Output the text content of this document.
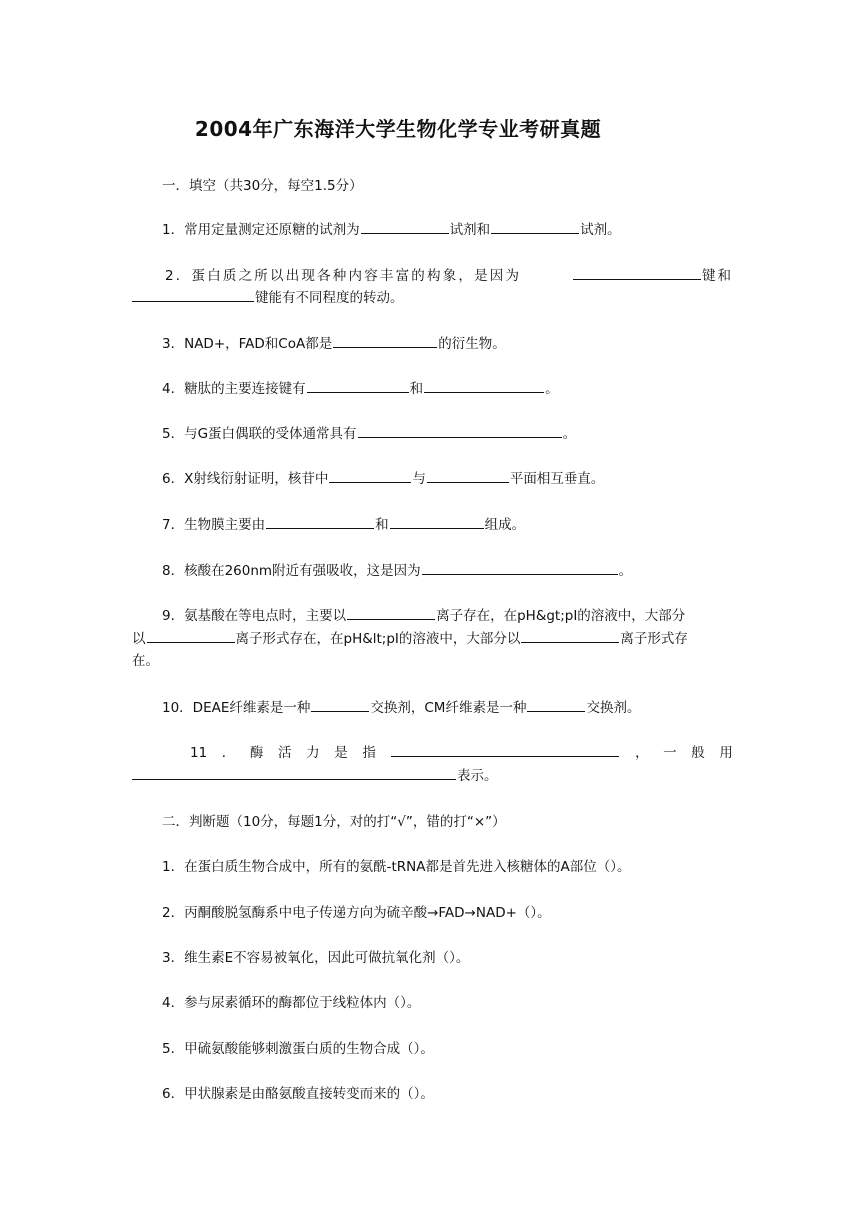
2004年广东海洋大学生物化学专业考研真题
一．填空（共30分，每空1.5分）
1．常用定量测定还原糖的试剂为	试剂和	试剂。
2．蛋白质之所以出现各种内容丰富的构象，是因为	键和
键能有不同程度的转动。
3．NAD+，FAD和CoA都是	的衍生物。
4．糖肽的主要连接键有	和	。
5．与G蛋白偶联的受体通常具有	。
6．X射线衍射证明，核苷中	与	平面相互垂直。
7．生物膜主要由	和	组成。
8．核酸在260nm附近有强吸收，这是因为	。
9．氨基酸在等电点时，主要以	离子存在，在pH&gt;pI的溶液中，大部分
以	离子形式存在，在pH&lt;pI的溶液中，大部分以	离子形式存
在。
10．DEAE纤维素是一种	交换剂，CM纤维素是一种	交换剂。
11 ． 酶 活 力 是 指	， 一 般 用
表示。
二．判断题（10分，每题1分，对的打“√”，错的打“×”）
1．在蛋白质生物合成中，所有的氨酰-tRNA都是首先进入核糖体的A部位（）。
2．丙酮酸脱氢酶系中电子传递方向为硫辛酸→FAD→NAD+（）。
3．维生素E不容易被氧化，因此可做抗氧化剂（）。
4．参与尿素循环的酶都位于线粒体内（）。
5．甲硫氨酸能够刺激蛋白质的生物合成（）。
6．甲状腺素是由酪氨酸直接转变而来的（）。
